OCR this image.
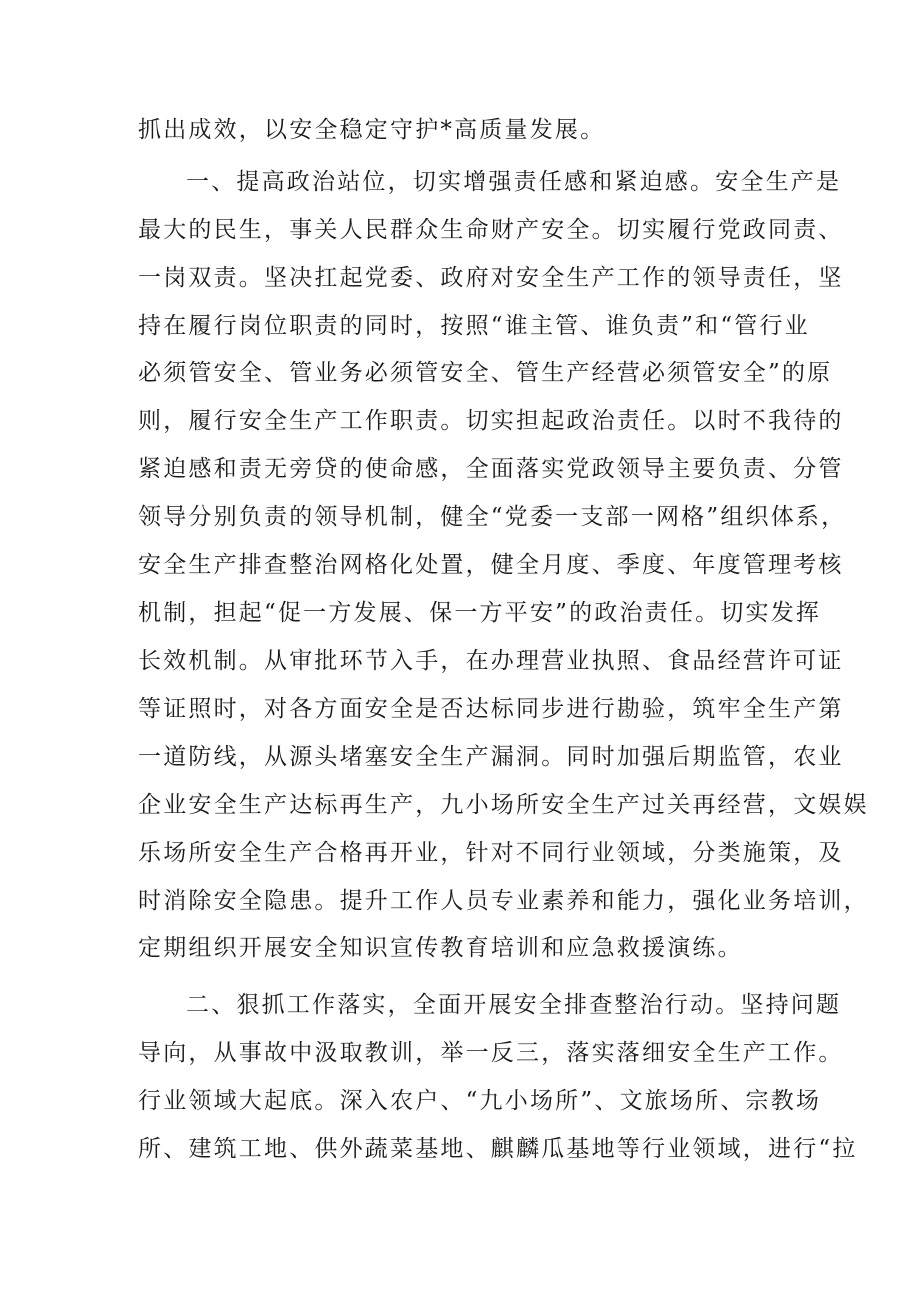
抓出成效，以安全稳定守护*高质量发展。
一、提高政治站位，切实增强责任感和紧迫感。安全生产是
最大的民生，事关人民群众生命财产安全。切实履行党政同责、
一岗双责。坚决扛起党委、政府对安全生产工作的领导责任，坚
持在履行岗位职责的同时，按照“谁主管、谁负责”和“管行业
必须管安全、管业务必须管安全、管生产经营必须管安全”的原
则，履行安全生产工作职责。切实担起政治责任。以时不我待的
紧迫感和责无旁贷的使命感，全面落实党政领导主要负责、分管
领导分别负责的领导机制，健全“党委一支部一网格”组织体系，
安全生产排查整治网格化处置，健全月度、季度、年度管理考核
机制，担起“促一方发展、保一方平安”的政治责任。切实发挥
长效机制。从审批环节入手，在办理营业执照、食品经营许可证
等证照时，对各方面安全是否达标同步进行勘验，筑牢全生产第
一道防线，从源头堵塞安全生产漏洞。同时加强后期监管，农业
企业安全生产达标再生产，九小场所安全生产过关再经营，文娱娱
乐场所安全生产合格再开业，针对不同行业领域，分类施策，及
时消除安全隐患。提升工作人员专业素养和能力，强化业务培训，
定期组织开展安全知识宣传教育培训和应急救援演练。
二、狠抓工作落实，全面开展安全排查整治行动。坚持问题
导向，从事故中汲取教训，举一反三，落实落细安全生产工作。
行业领域大起底。深入农户、“九小场所”、文旅场所、宗教场
所、建筑工地、供外蔬菜基地、麒麟瓜基地等行业领域，进行“拉
